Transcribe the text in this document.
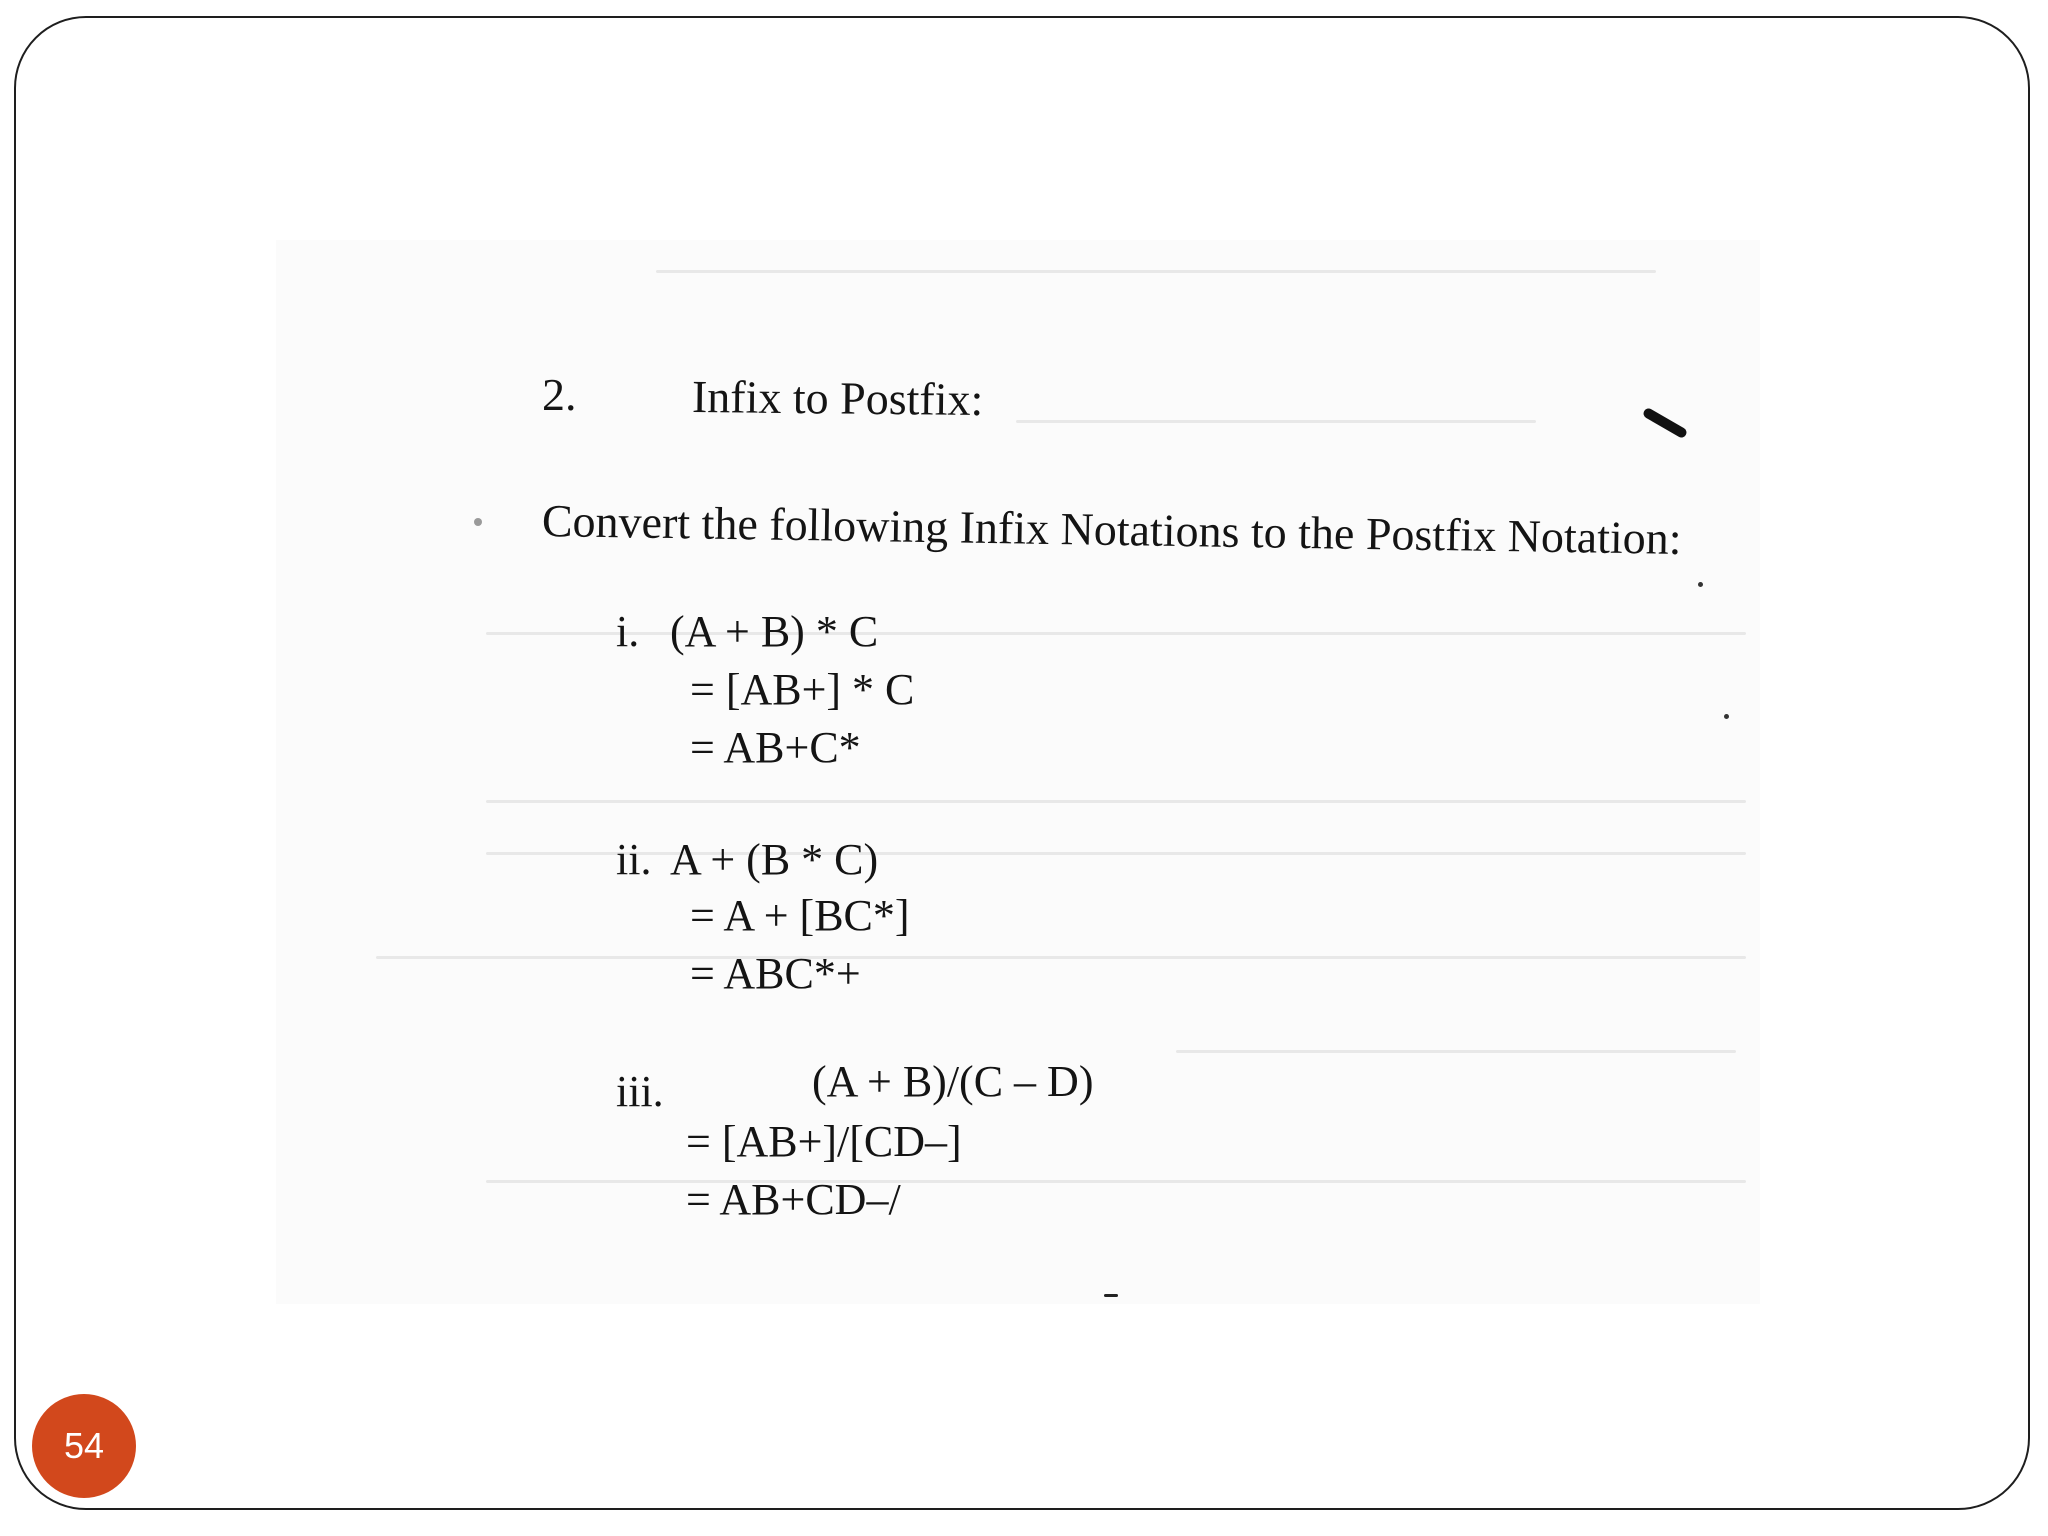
2.	Infix to Postfix:
Convert the following Infix Notations to the Postfix Notation:
i. (A + B) * C
= [AB+] * C
= AB+C*
ii. A + (B * C)
= A + [BC*]
= ABC*+
iii.	(A + B)/(C – D)
= [AB+]/[CD–]
= AB+CD–/
54
